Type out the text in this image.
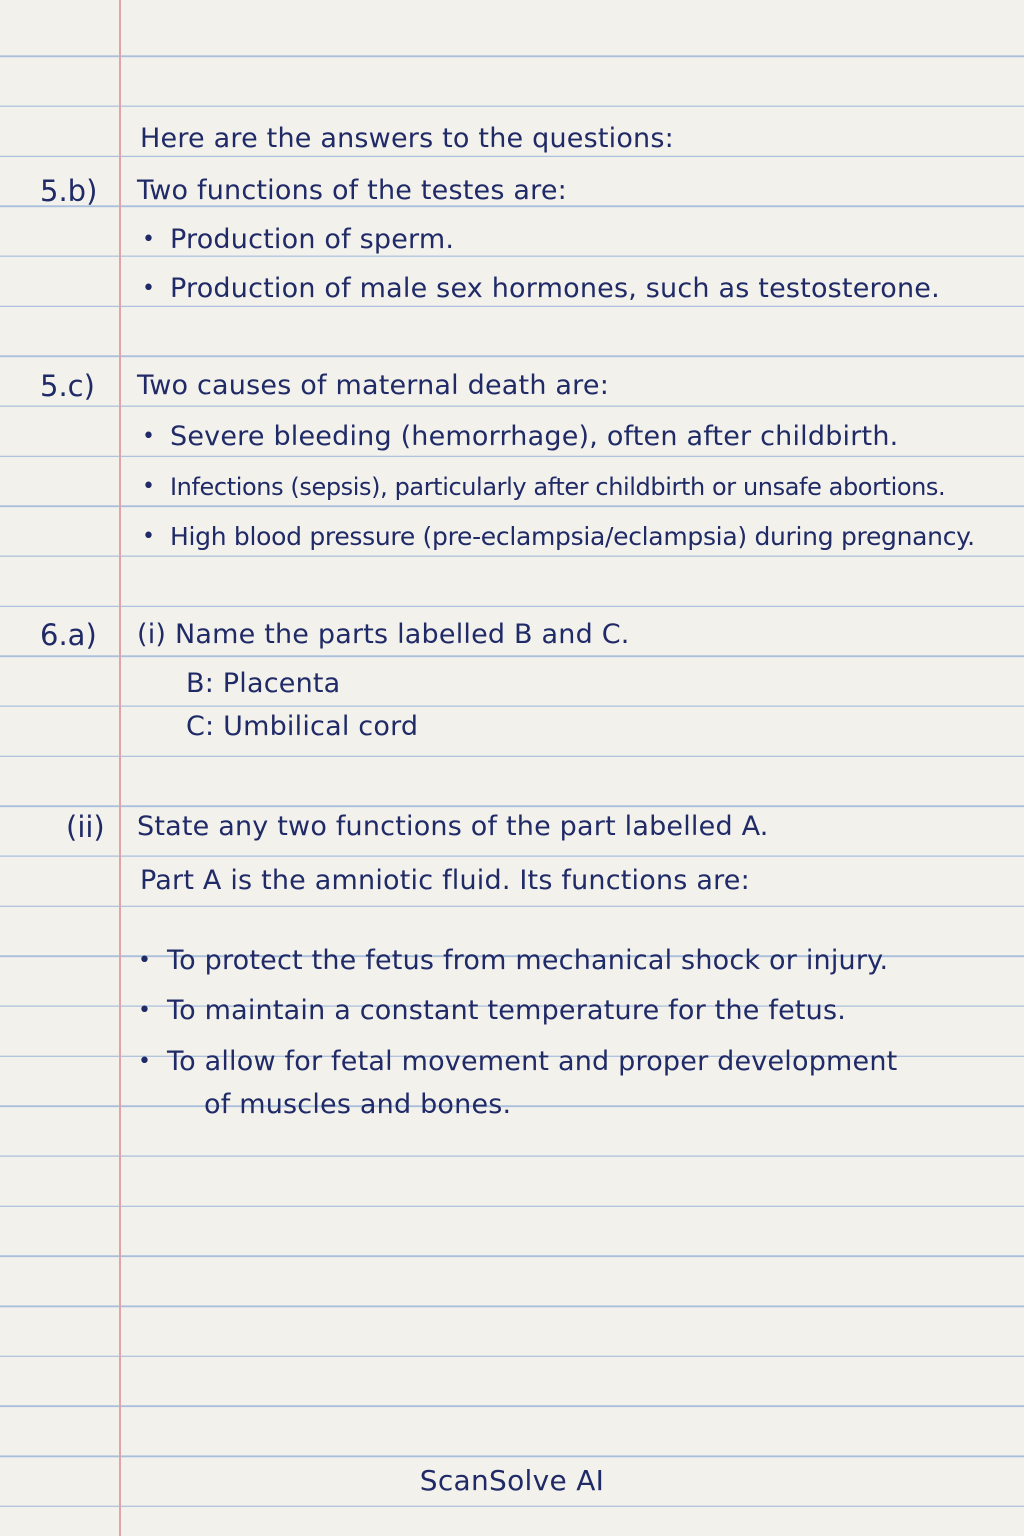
Here are the answers to the questions:
5.b) Two functions of the testes are:
• Production of sperm.
• Production of male sex hormones, such as testosterone.
5.c) Two causes of maternal death are:
• Severe bleeding (hemorrhage), often after childbirth.
• Infections (sepsis), particularly after childbirth or unsafe abortions.
• High blood pressure (pre-eclampsia/eclampsia) during pregnancy.
6.a) (i) Name the parts labelled B and C.
B: Placenta
C: Umbilical cord
(ii) State any two functions of the part labelled A.
Part A is the amniotic fluid. Its functions are:
• To protect the fetus from mechanical shock or injury.
• To maintain a constant temperature for the fetus.
• To allow for fetal movement and proper development
of muscles and bones.
ScanSolve AI
